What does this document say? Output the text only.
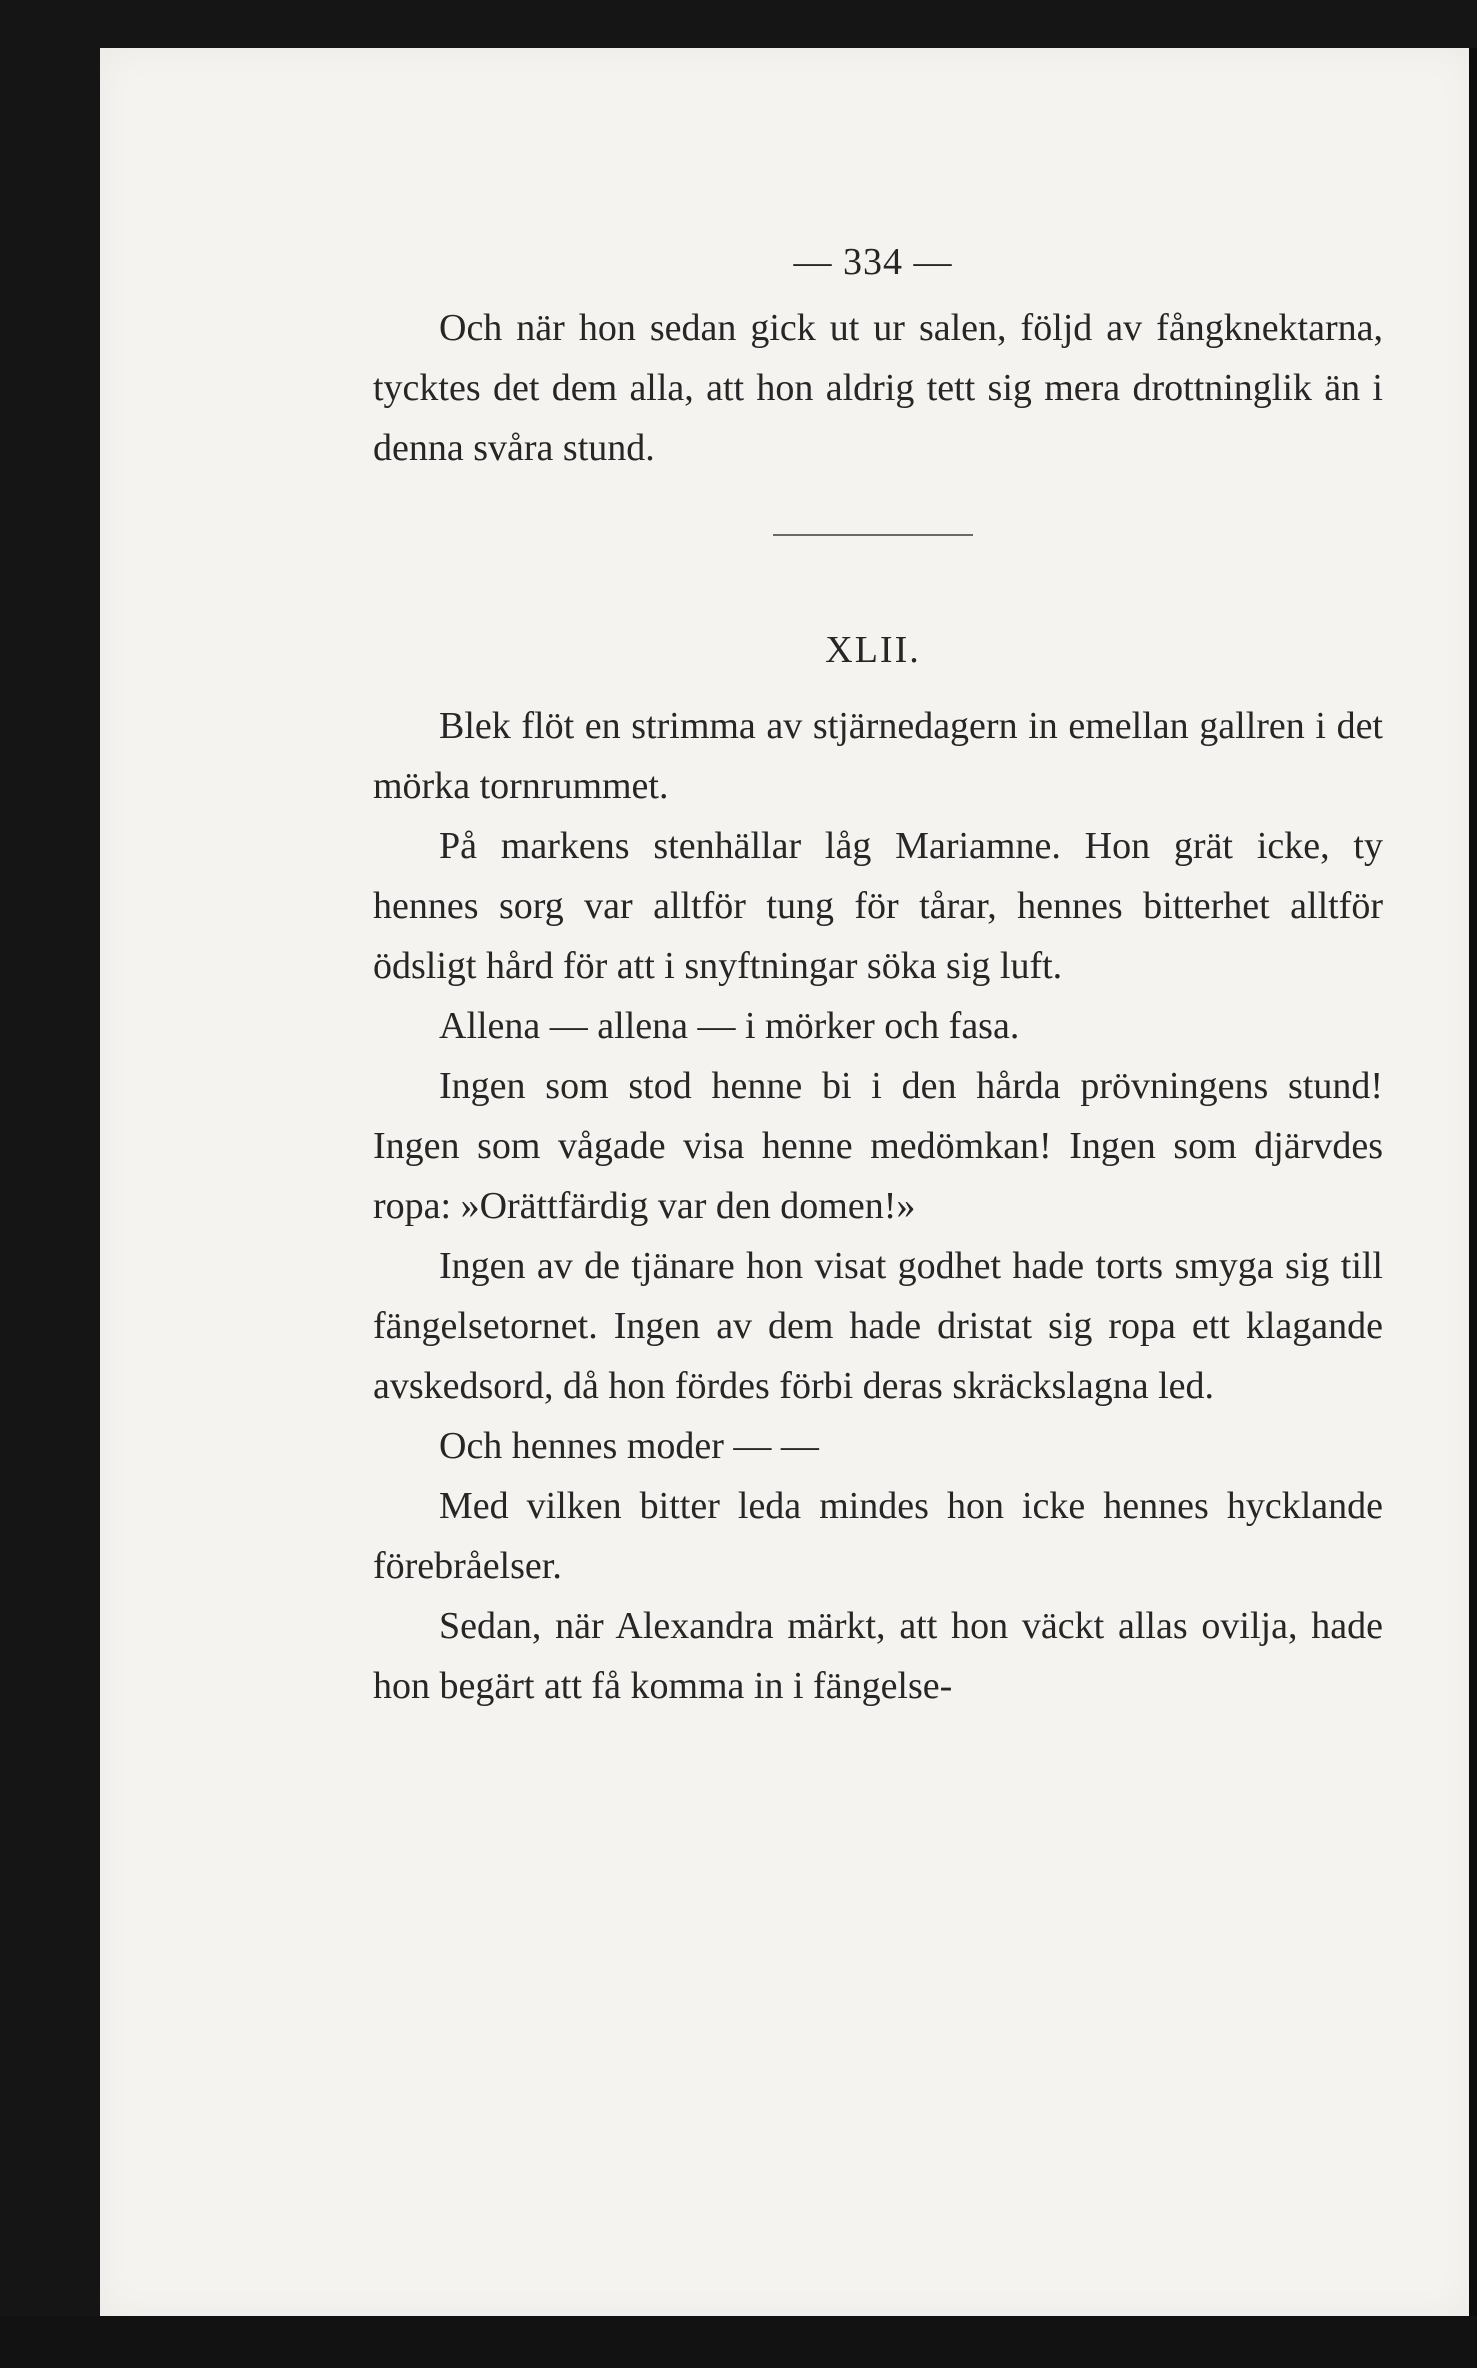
— 334 —

Och när hon sedan gick ut ur salen, följd av fångknektarna, tycktes det dem alla, att hon aldrig tett sig mera drottninglik än i denna svåra stund.

XLII.

Blek flöt en strimma av stjärnedagern in emellan gallren i det mörka tornrummet.

På markens stenhällar låg Mariamne. Hon grät icke, ty hennes sorg var alltför tung för tårar, hennes bitterhet alltför ödsligt hård för att i snyftningar söka sig luft.

Allena — allena — i mörker och fasa.

Ingen som stod henne bi i den hårda prövningens stund! Ingen som vågade visa henne medömkan! Ingen som djärvdes ropa: »Orättfärdig var den domen!»

Ingen av de tjänare hon visat godhet hade torts smyga sig till fängelsetornet. Ingen av dem hade dristat sig ropa ett klagande avskedsord, då hon fördes förbi deras skräckslagna led.

Och hennes moder — —

Med vilken bitter leda mindes hon icke hennes hycklande förebråelser.

Sedan, när Alexandra märkt, att hon väckt allas ovilja, hade hon begärt att få komma in i fängelse-
